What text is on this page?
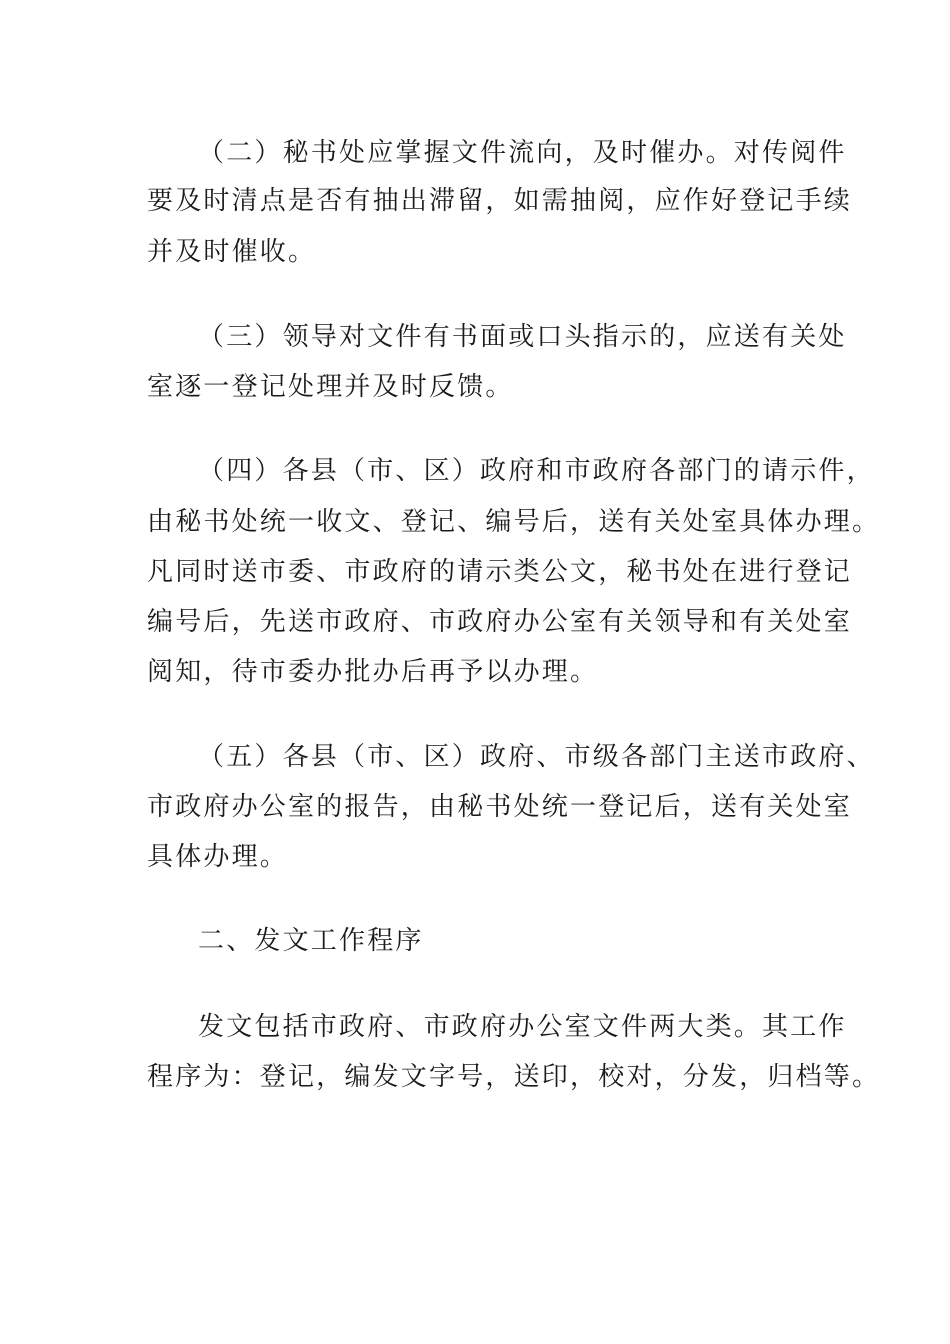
（二）秘书处应掌握文件流向，及时催办。对传阅件
要及时清点是否有抽出滞留，如需抽阅，应作好登记手续
并及时催收。
（三）领导对文件有书面或口头指示的，应送有关处
室逐一登记处理并及时反馈。
（四）各县（市、区）政府和市政府各部门的请示件，
由秘书处统一收文、登记、编号后，送有关处室具体办理。
凡同时送市委、市政府的请示类公文，秘书处在进行登记
编号后，先送市政府、市政府办公室有关领导和有关处室
阅知，待市委办批办后再予以办理。
（五）各县（市、区）政府、市级各部门主送市政府、
市政府办公室的报告，由秘书处统一登记后，送有关处室
具体办理。
二、发文工作程序
发文包括市政府、市政府办公室文件两大类。其工作
程序为：登记，编发文字号，送印，校对，分发，归档等。
